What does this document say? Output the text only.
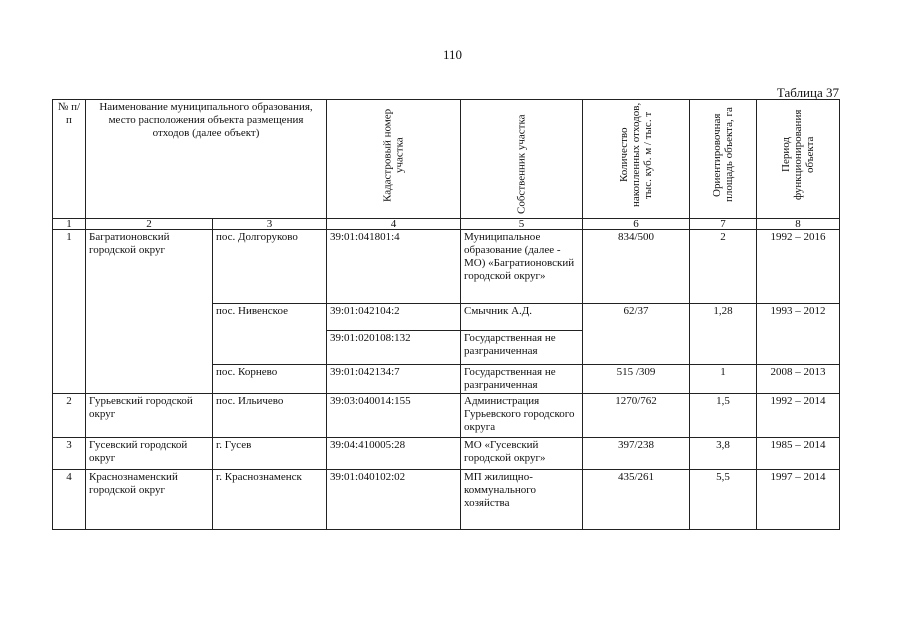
110
Таблица 37
№ п/п	Наименование муниципального образования, место расположения объекта размещения отходов (далее объект)		Кадастровый номер участка	Собственник участка	Количество накопленных отходов, тыс. куб. м / тыс. т	Ориентировочная площадь объекта, га	Период функционирования объекта

1	2	3	4	5	6	7	8
1	Багратионовский городской округ	пос. Долгоруково	39:01:041801:4	Муниципальное образование (далее - МО) «Багратионовский городской округ»	834/500	2	1992 – 2016
		пос. Нивенское	39:01:042104:2	Смычник А.Д.	62/37	1,28	1993 – 2012
			39:01:020108:132	Государственная не разграниченная			
		пос. Корнево	39:01:042134:7	Государственная не разграниченная	515 /309	1	2008 – 2013
2	Гурьевский городской округ	пос. Ильичево	39:03:040014:155	Администрация Гурьевского городского округа	1270/762	1,5	1992 – 2014
3	Гусевский городской округ	г. Гусев	39:04:410005:28	МО «Гусевский городской округ»	397/238	3,8	1985 – 2014
4	Краснознаменский городской округ	г. Краснознаменск	39:01:040102:02	МП жилищно-коммунального хозяйства	435/261	5,5	1997 – 2014
